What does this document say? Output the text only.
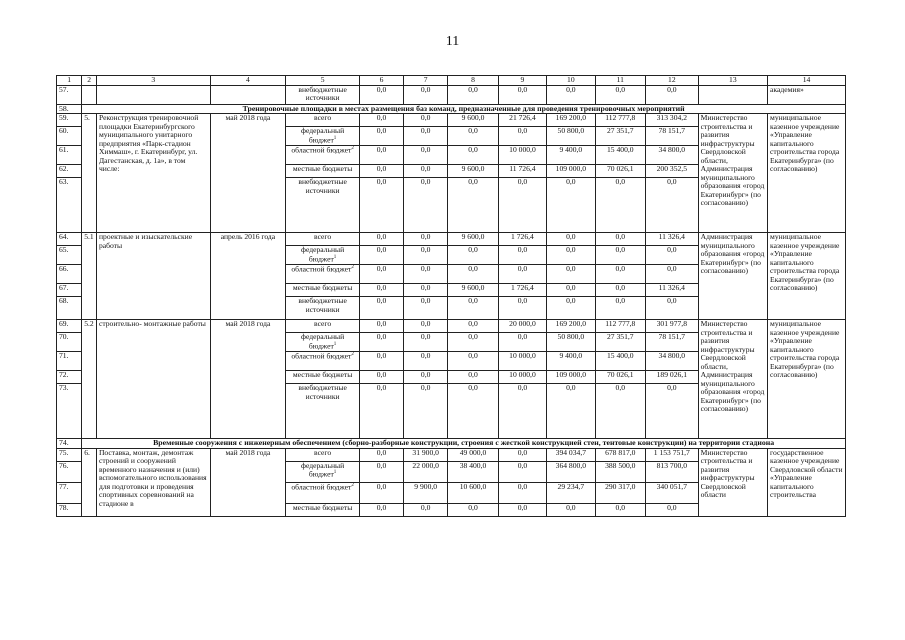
11
1	2	3	4	5	6	7	8	9	10	11	12	13	14
57.				внебюджетные источники	0,0	0,0	0,0	0,0	0,0	0,0	0,0		академия»
58.	Тренировочные площадки в местах размещения баз команд, предназначенные для проведения тренировочных мероприятий												
59.	5.	Реконструкция тренировочной площадки Екатеринбургского муниципального унитарного предприятия «Парк-стадион Химмаш», г. Екатеринбург, ул. Дагестанская, д. 1а», в том числе:	май 2018 года	всего	0,0	0,0	9 600,0	21 726,4	169 200,0	112 777,8	313 304,2	Министерство строительства и развития инфраструктуры Свердловской области, Администрация муниципального образования «город Екатеринбург» (по согласованию)	муниципальное казенное учреждение «Управление капитального строительства города Екатеринбурга» (по согласованию)
60.				федеральный бюджет$^1$	0,0	0,0	0,0	0,0	50 800,0	27 351,7	78 151,7		
61.				областной бюджет$^2$	0,0	0,0	0,0	10 000,0	9 400,0	15 400,0	34 800,0		
62.				местные бюджеты	0,0	0,0	9 600,0	11 726,4	109 000,0	70 026,1	200 352,5		
63.				внебюджетные источники	0,0	0,0	0,0	0,0	0,0	0,0	0,0		
64.	5.1	проектные и изыскательские работы	апрель 2016 года	всего	0,0	0,0	9 600,0	1 726,4	0,0	0,0	11 326,4	Администрация муниципального образования «город Екатеринбург» (по согласованию)	муниципальное казенное учреждение «Управление капитального строительства города Екатеринбурга» (по согласованию)
65.				федеральный бюджет$^1$	0,0	0,0	0,0	0,0	0,0	0,0	0,0		
66.				областной бюджет$^2$	0,0	0,0	0,0	0,0	0,0	0,0	0,0		
67.				местные бюджеты	0,0	0,0	9 600,0	1 726,4	0,0	0,0	11 326,4		
68.				внебюджетные источники	0,0	0,0	0,0	0,0	0,0	0,0	0,0		
69.	5.2	строительно- монтажные работы	май 2018 года	всего	0,0	0,0	0,0	20 000,0	169 200,0	112 777,8	301 977,8	Министерство строительства и развития инфраструктуры Свердловской области, Администрация муниципального образования «город Екатеринбург» (по согласованию)	муниципальное казенное учреждение «Управление капитального строительства города Екатеринбурга» (по согласованию)
70.				федеральный бюджет$^1$	0,0	0,0	0,0	0,0	50 800,0	27 351,7	78 151,7		
71.				областной бюджет$^2$	0,0	0,0	0,0	10 000,0	9 400,0	15 400,0	34 800,0		
72.				местные бюджеты	0,0	0,0	0,0	10 000,0	109 000,0	70 026,1	189 026,1		
73.				внебюджетные источники	0,0	0,0	0,0	0,0	0,0	0,0	0,0		
74.	Временные сооружения с инженерным обеспечением (сборно-разборные конструкции, строения с жесткой конструкцией стен, тентовые конструкции) на территории стадиона												
75.	6.	Поставка, монтаж, демонтаж строений и сооружений временного назначения и (или) вспомогательного использования для подготовки и проведения спортивных соревнований на стадионе в	май 2018 года	всего	0,0	31 900,0	49 000,0	0,0	394 034,7	678 817,0	1 153 751,7	Министерство строительства и развития инфраструктуры Свердловской области	государственное казенное учреждение Свердловской области «Управление капитального строительства
76.				федеральный бюджет$^1$	0,0	22 000,0	38 400,0	0,0	364 800,0	388 500,0	813 700,0		
77.				областной бюджет$^2$	0,0	9 900,0	10 600,0	0,0	29 234,7	290 317,0	340 051,7		
78.				местные бюджеты	0,0	0,0	0,0	0,0	0,0	0,0	0,0		
